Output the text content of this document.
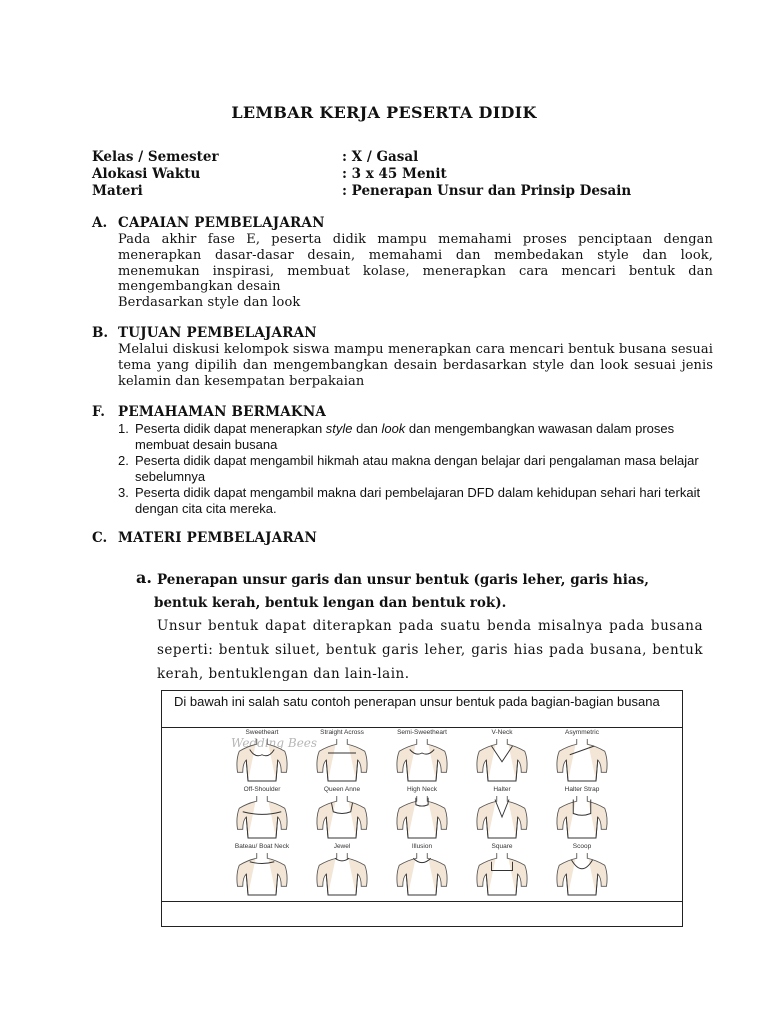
LEMBAR KERJA PESERTA DIDIK
Kelas / Semester	: X / Gasal
Alokasi Waktu	: 3 x 45 Menit
Materi	: Penerapan Unsur dan Prinsip Desain
A. CAPAIAN PEMBELAJARAN
Pada akhir fase E, peserta didik mampu memahami proses penciptaan dengan menerapkan dasar-dasar desain, memahami dan membedakan style dan look, menemukan inspirasi, membuat kolase, menerapkan cara mencari bentuk dan mengembangkan desain
Berdasarkan style dan look
B. TUJUAN PEMBELAJARAN
Melalui diskusi kelompok siswa mampu menerapkan cara mencari bentuk busana sesuai tema yang dipilih dan mengembangkan desain berdasarkan style dan look sesuai jenis kelamin dan kesempatan berpakaian
F. PEMAHAMAN BERMAKNA
1. Peserta didik dapat menerapkan style dan look dan mengembangkan wawasan dalam proses membuat desain busana
2. Peserta didik dapat mengambil hikmah atau makna dengan belajar dari pengalaman masa belajar sebelumnya
3. Peserta didik dapat mengambil makna dari pembelajaran DFD dalam kehidupan sehari hari terkait dengan cita cita mereka.
C. MATERI PEMBELAJARAN
a. Penerapan unsur garis dan unsur bentuk (garis leher, garis hias,
bentuk kerah, bentuk lengan dan bentuk rok).
Unsur bentuk dapat diterapkan pada suatu benda misalnya pada busana seperti: bentuk siluet, bentuk garis leher, garis hias pada busana, bentuk kerah, bentuklengan dan lain-lain.
Di bawah ini salah satu contoh penerapan unsur bentuk pada bagian-bagian busana
Wedding Bees
Sweetheart	Straight Across	Semi-Sweetheart	V-Neck	Asymmetric
Off-Shoulder	Queen Anne	High Neck	Halter	Halter Strap
Bateau/ Boat Neck	Jewel	Illusion	Square	Scoop
